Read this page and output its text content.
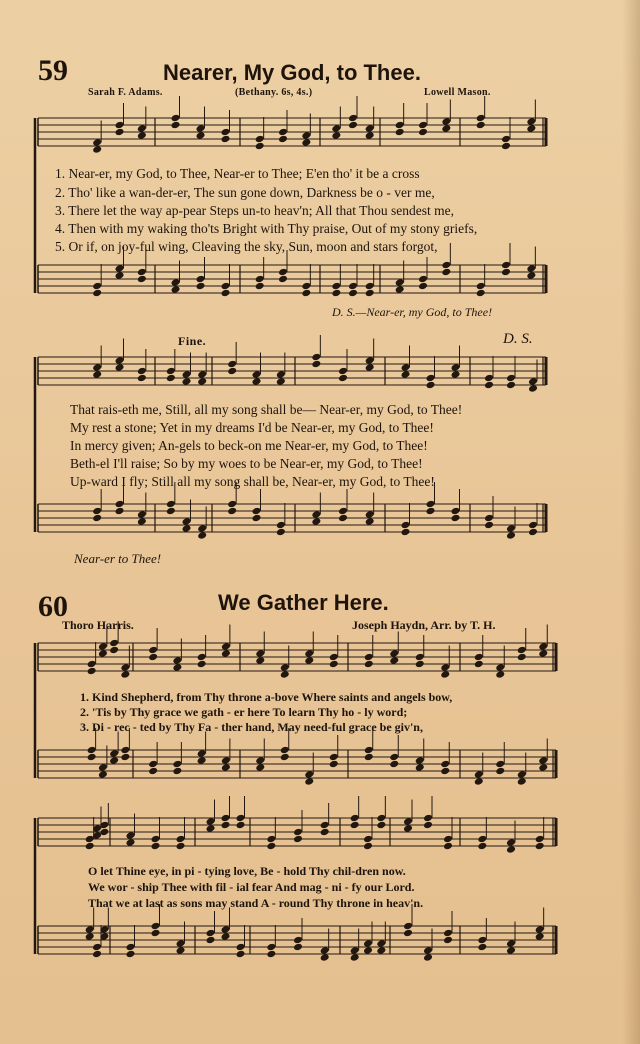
59	Nearer, My God, to Thee.
Sarah F. Adams.	(Bethany. 6s, 4s.)	Lowell Mason.
1. Near-er, my God, to Thee, Near-er to Thee; E'en tho' it be a cross
2. Tho' like a wan-der-er, The sun gone down, Darkness be o - ver me,
3. There let the way ap-pear Steps un-to heav'n; All that Thou sendest me,
4. Then with my waking tho'ts Bright with Thy praise, Out of my stony griefs,
5. Or if, on joy-ful wing, Cleaving the sky, Sun, moon and stars forgot,
D. S.—Near-er, my God, to Thee!
Fine.	D. S.
That rais-eth me, Still, all my song shall be— Near-er, my God, to Thee!
My rest a stone; Yet in my dreams I'd be Near-er, my God, to Thee!
In mercy given; An-gels to beck-on me Near-er, my God, to Thee!
Beth-el I'll raise; So by my woes to be Near-er, my God, to Thee!
Up-ward I fly; Still all my song shall be, Near-er, my God, to Thee!
Near-er to Thee!
60	We Gather Here.
Thoro Harris.	Joseph Haydn, Arr. by T. H.
1. Kind Shepherd, from Thy throne a-bove Where saints and angels bow,
2. 'Tis by Thy grace we gath - er here To learn Thy ho - ly word;
3. Di - rec - ted by Thy Fa - ther hand, May need-ful grace be giv'n,
O let Thine eye, in pi - tying love, Be - hold Thy chil-dren now.
We wor - ship Thee with fil - ial fear And mag - ni - fy our Lord.
That we at last as sons may stand A - round Thy throne in heav'n.
